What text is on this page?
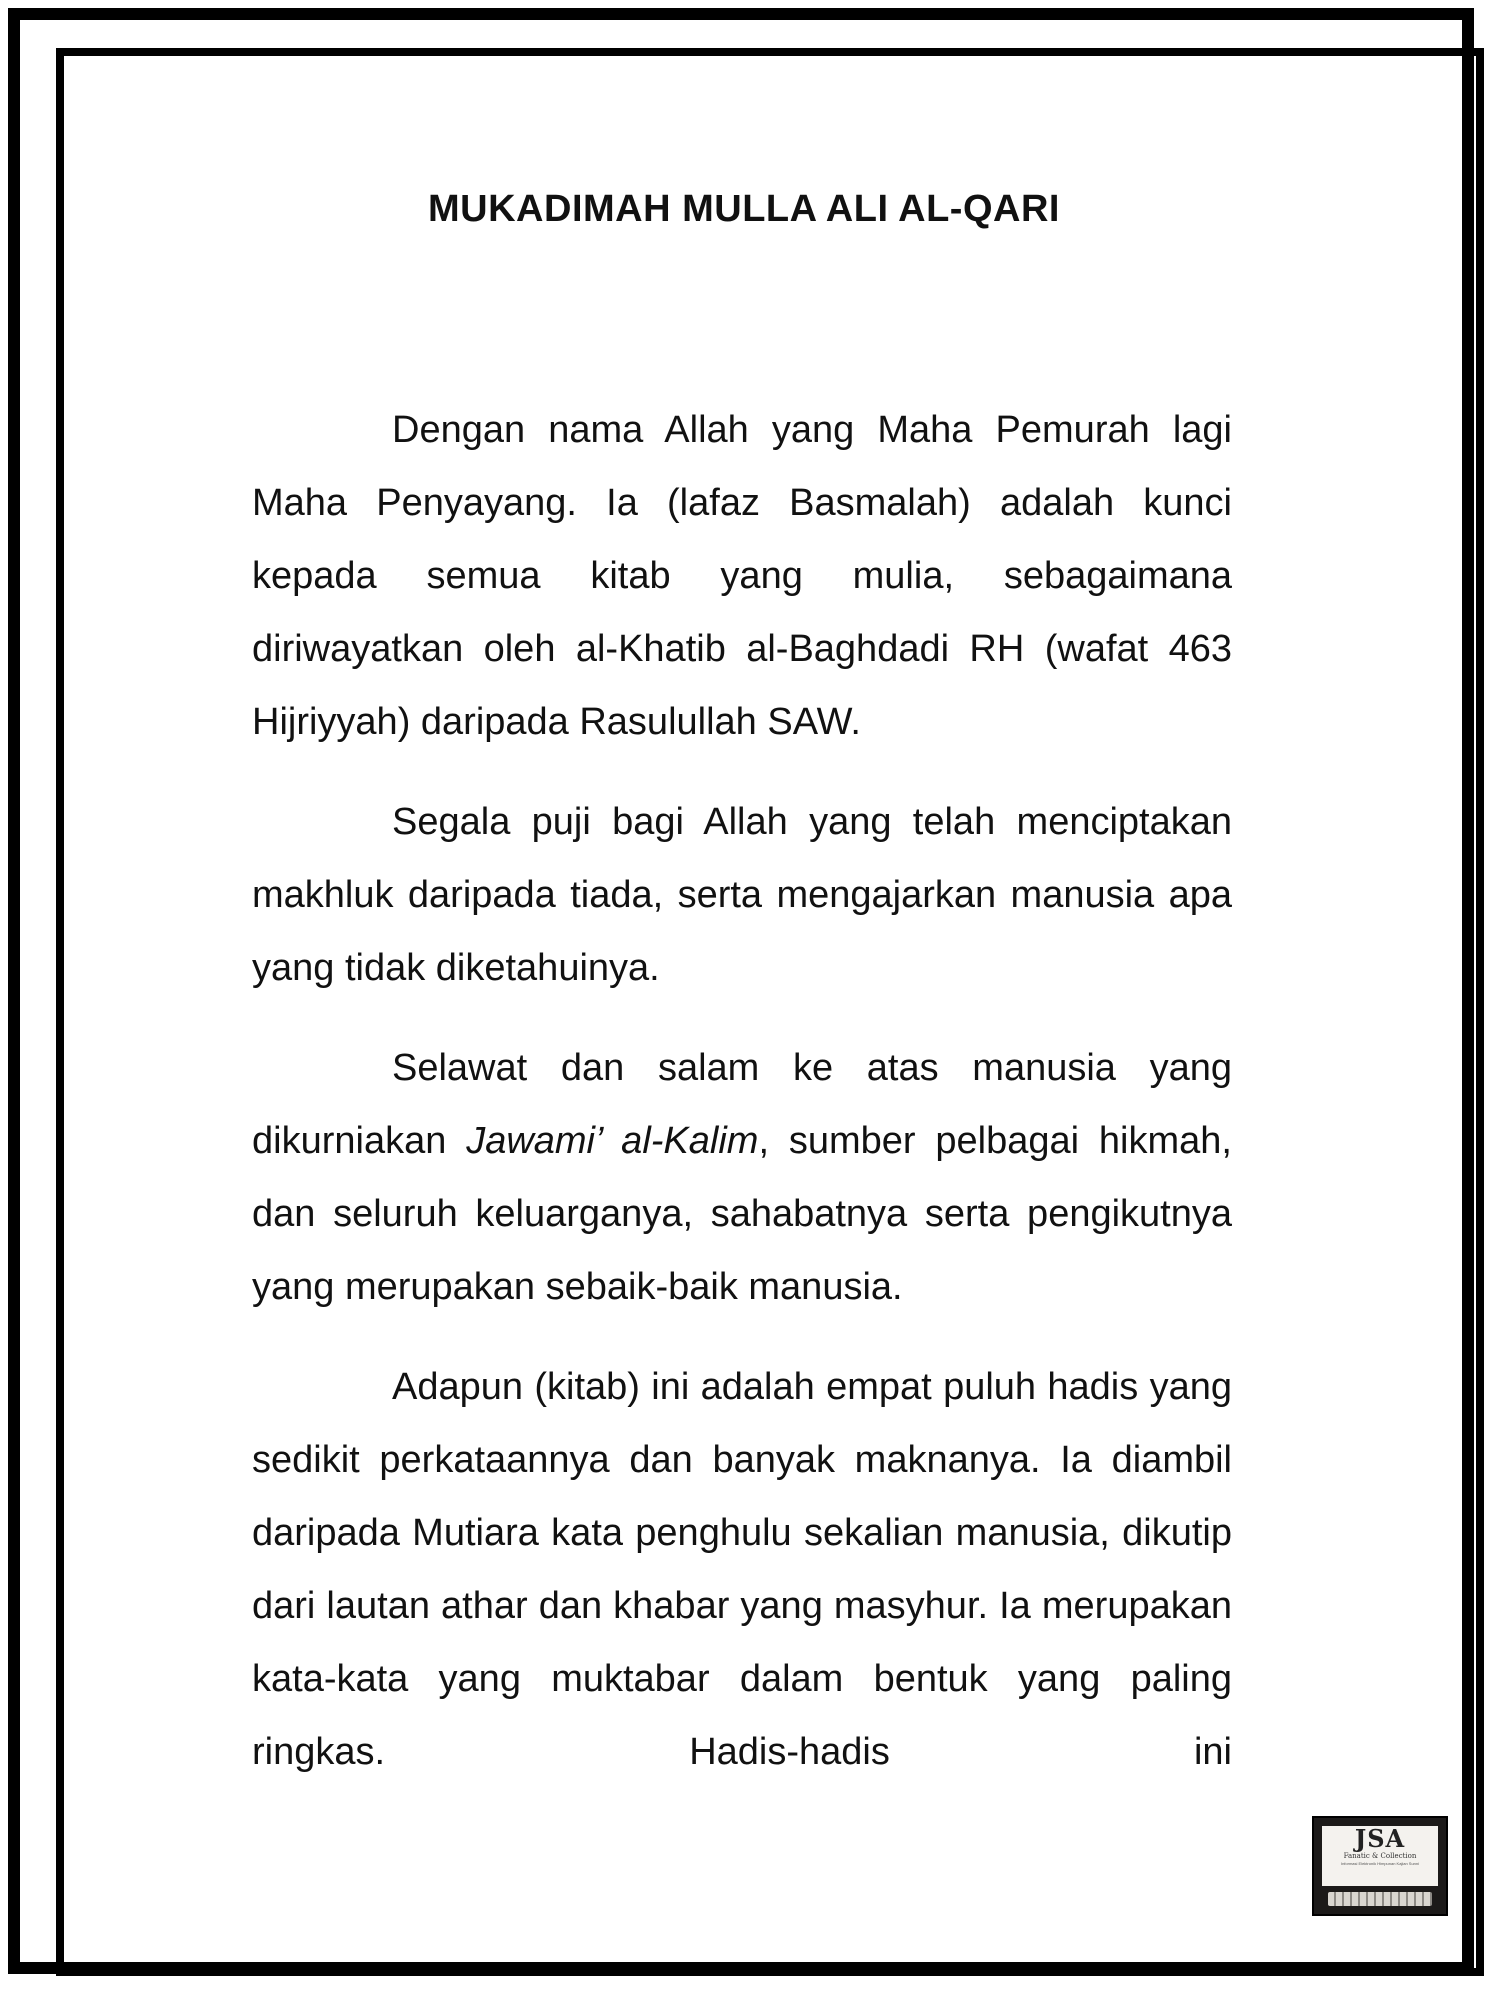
MUKADIMAH MULLA ALI AL-QARI

Dengan nama Allah yang Maha Pemurah lagi Maha Penyayang. Ia (lafaz Basmalah) adalah kunci kepada semua kitab yang mulia, sebagaimana diriwayatkan oleh al-Khatib al-Baghdadi RH (wafat 463 Hijriyyah) daripada Rasulullah SAW.

Segala puji bagi Allah yang telah menciptakan makhluk daripada tiada, serta mengajarkan manusia apa yang tidak diketahuinya.

Selawat dan salam ke atas manusia yang dikurniakan Jawami’ al-Kalim, sumber pelbagai hikmah, dan seluruh keluarganya, sahabatnya serta pengikutnya yang merupakan sebaik-baik manusia.

Adapun (kitab) ini adalah empat puluh hadis yang sedikit perkataannya dan banyak maknanya. Ia diambil daripada Mutiara kata penghulu sekalian manusia, dikutip dari lautan athar dan khabar yang masyhur. Ia merupakan kata-kata yang muktabar dalam bentuk yang paling ringkas. Hadis-hadis ini

JSA
Fanatic & Collection
Informasi Elektronik Himpunan Kajian Sunni
